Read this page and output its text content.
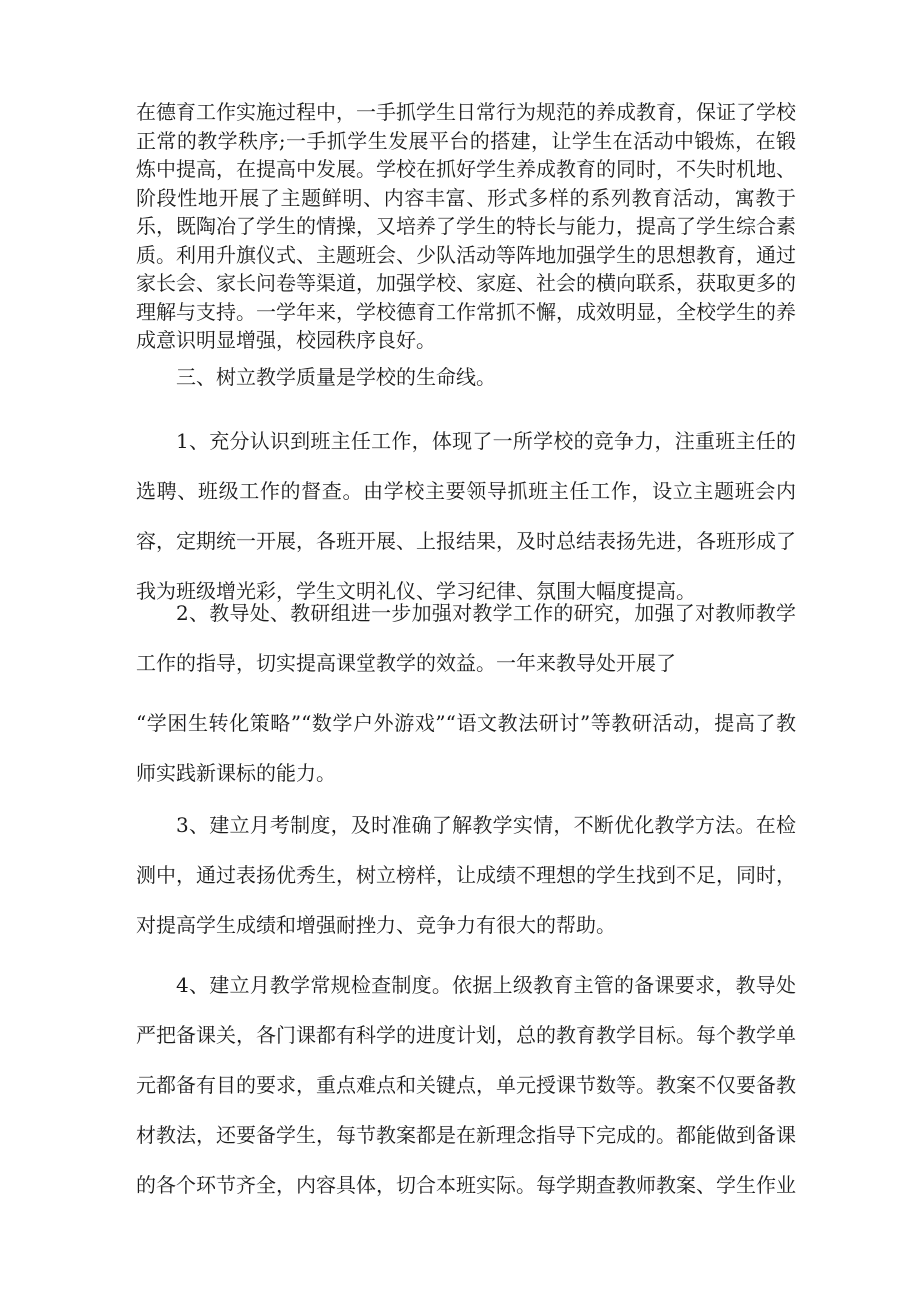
在德育工作实施过程中，一手抓学生日常行为规范的养成教育，保证了学校正常的教学秩序;一手抓学生发展平台的搭建，让学生在活动中锻炼，在锻炼中提高，在提高中发展。学校在抓好学生养成教育的同时，不失时机地、阶段性地开展了主题鲜明、内容丰富、形式多样的系列教育活动，寓教于乐，既陶冶了学生的情操，又培养了学生的特长与能力，提高了学生综合素质。利用升旗仪式、主题班会、少队活动等阵地加强学生的思想教育，通过家长会、家长问卷等渠道，加强学校、家庭、社会的横向联系，获取更多的理解与支持。一学年来，学校德育工作常抓不懈，成效明显，全校学生的养成意识明显增强，校园秩序良好。

三、树立教学质量是学校的生命线。

1、充分认识到班主任工作，体现了一所学校的竞争力，注重班主任的选聘、班级工作的督查。由学校主要领导抓班主任工作，设立主题班会内容，定期统一开展，各班开展、上报结果，及时总结表扬先进，各班形成了我为班级增光彩，学生文明礼仪、学习纪律、氛围大幅度提高。

2、教导处、教研组进一步加强对教学工作的研究，加强了对教师教学工作的指导，切实提高课堂教学的效益。一年来教导处开展了

“学困生转化策略”“数学户外游戏”“语文教法研讨”等教研活动，提高了教师实践新课标的能力。

3、建立月考制度，及时准确了解教学实情，不断优化教学方法。在检测中，通过表扬优秀生，树立榜样，让成绩不理想的学生找到不足，同时，对提高学生成绩和增强耐挫力、竞争力有很大的帮助。

4、建立月教学常规检查制度。依据上级教育主管的备课要求，教导处严把备课关，各门课都有科学的进度计划，总的教育教学目标。每个教学单元都备有目的要求，重点难点和关键点，单元授课节数等。教案不仅要备教材教法，还要备学生，每节教案都是在新理念指导下完成的。都能做到备课的各个环节齐全，内容具体，切合本班实际。每学期查教师教案、学生作业
